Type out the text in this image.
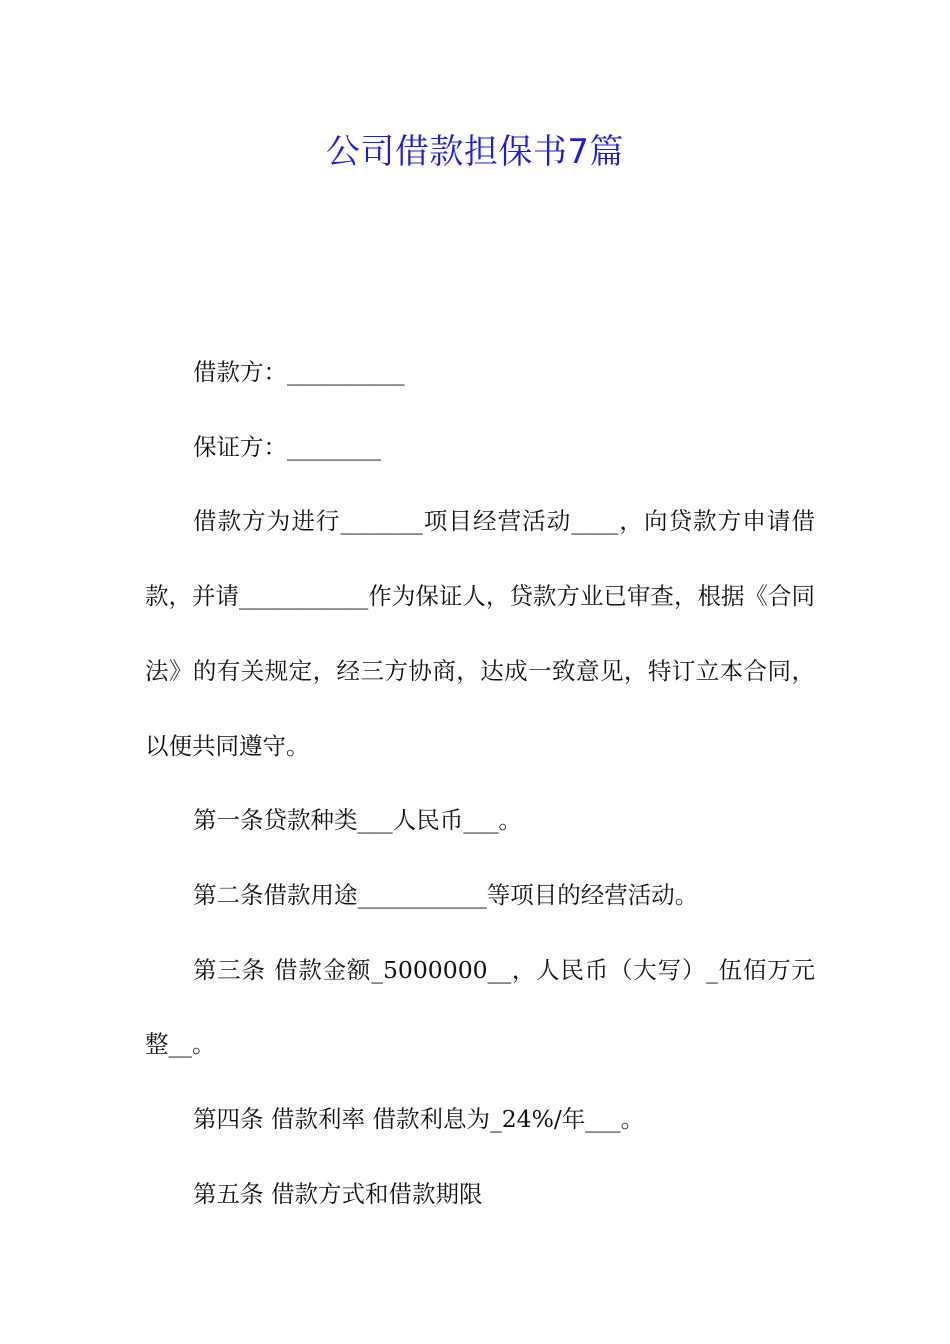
公司借款担保书7篇

借款方：__________

保证方：________

借款方为进行_______项目经营活动____，向贷款方申请借款，并请___________作为保证人，贷款方业已审查，根据《合同法》的有关规定，经三方协商，达成一致意见，特订立本合同，以便共同遵守。

第一条贷款种类___人民币___。

第二条借款用途___________等项目的经营活动。

第三条 借款金额_5000000__，人民币（大写）_伍佰万元整__。

第四条 借款利率 借款利息为_24%/年___。

第五条 借款方式和借款期限
